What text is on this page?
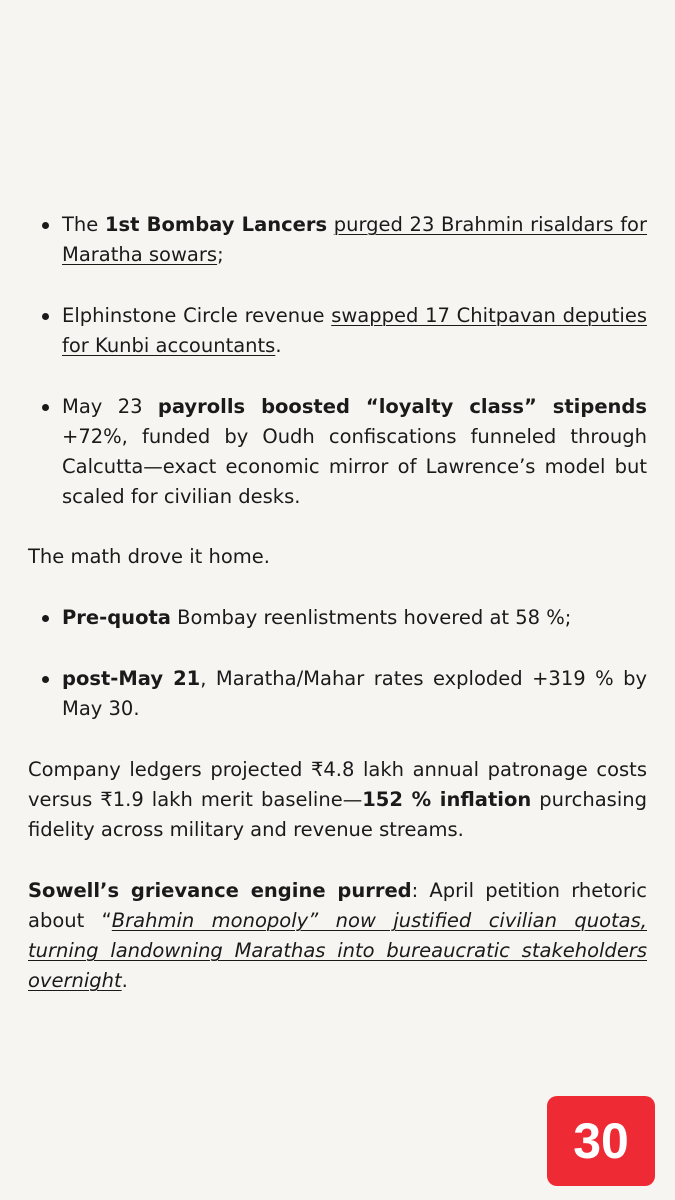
The 1st Bombay Lancers purged 23 Brahmin risaldars for Maratha sowars;
Elphinstone Circle revenue swapped 17 Chitpavan deputies for Kunbi accountants.
May 23 payrolls boosted “loyalty class” stipends +72%, funded by Oudh confiscations funneled through Calcutta—exact economic mirror of Lawrence’s model but scaled for civilian desks.

The math drove it home.

Pre-quota Bombay reenlistments hovered at 58 %;
post-May 21, Maratha/Mahar rates exploded +319 % by May 30.

Company ledgers projected ₹4.8 lakh annual patronage costs versus ₹1.9 lakh merit baseline—152 % inflation purchasing fidelity across military and revenue streams.

Sowell’s grievance engine purred: April petition rhetoric about “Brahmin monopoly” now justified civilian quotas, turning landowning Marathas into bureaucratic stakeholders overnight.

30
